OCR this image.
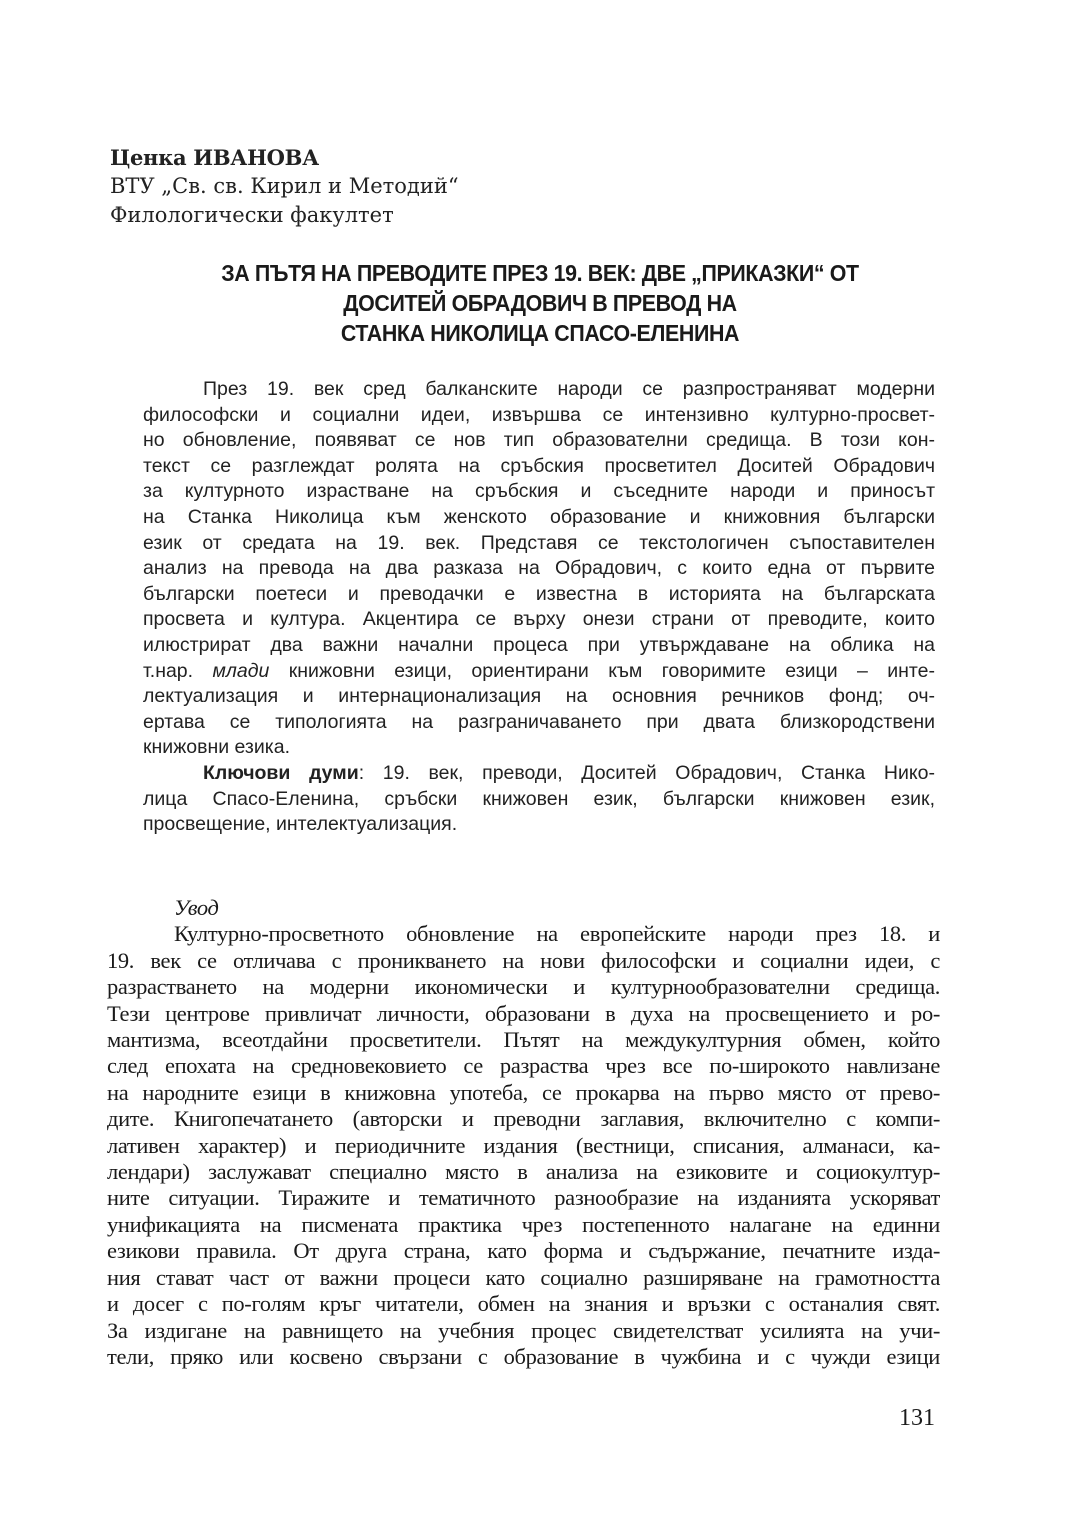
Ценка ИВАНОВА
ВТУ „Св. св. Кирил и Методий“
Филологически факултет
ЗА ПЪТЯ НА ПРЕВОДИТЕ ПРЕЗ 19. ВЕК: ДВЕ „ПРИКАЗКИ“ ОТ
ДОСИТЕЙ ОБРАДОВИЧ В ПРЕВОД НА
СТАНКА НИКОЛИЦА СПАСО-ЕЛЕНИНА

През 19. век сред балканските народи се разпространяват модерни

философски и социални идеи, извършва се интензивно културно-просвет-
но обновление, появяват се нов тип образователни средища. В този кон-
текст се разглеждат ролята на сръбския просветител Доситей Обрадович
за културното израстване на сръбския и съседните народи и приносът
на Станка Николица към женското образование и книжовния български
език от средата на 19. век. Представя се текстологичен съпоставителен
анализ на превода на два разказа на Обрадович, с които една от първите
български поетеси и преводачки е известна в историята на българската
просвета и култура. Акцентира се върху онези страни от преводите, които
илюстрират два важни начални процеса при утвърждаване на облика на
т.нар. млади книжовни езици, ориентирани към говоримите езици – инте-
лектуализация и интернационализация на основния речников фонд; оч-
ертава се типологията на разграничаването при двата близкородствени
книжовни езика.
Ключови думи: 19. век, преводи, Доситей Обрадович, Станка Нико-
лица Спасо-Еленина, сръбски книжовен език, български книжовен език,
просвещение, интелектуализация.
Увод
Културно-просветното обновление на европейските народи през 18. и
19. век се отличава с проникването на нови философски и социални идеи, с
разрастването на модерни икономически и културнообразователни средища.
Тези центрове привличат личности, образовани в духа на просвещението и ро-
мантизма, всеотдайни просветители. Пътят на междукултурния обмен, който
след епохата на средновековието се разраства чрез все по-широкото навлизане
на народните езици в книжовна употеба, се прокарва на първо място от прево-
дите. Книгопечатането (авторски и преводни заглавия, включително с компи-
лативен характер) и периодичните издания (вестници, списания, алманаси, ка-
лендари) заслужават специално място в анализа на езиковите и социокултур-
ните ситуации. Тиражите и тематичното разнообразие на изданията ускоряват
унификацията на писмената практика чрез постепенното налагане на единни
езикови правила. От друга страна, като форма и съдържание, печатните изда-
ния стават част от важни процеси като социално разширяване на грамотността
и досег с по-голям кръг читатели, обмен на знания и връзки с останалия свят.
За издигане на равнището на учебния процес свидетелстват усилията на учи-
тели, пряко или косвено свързани с образование в чужбина и с чужди езици
131
